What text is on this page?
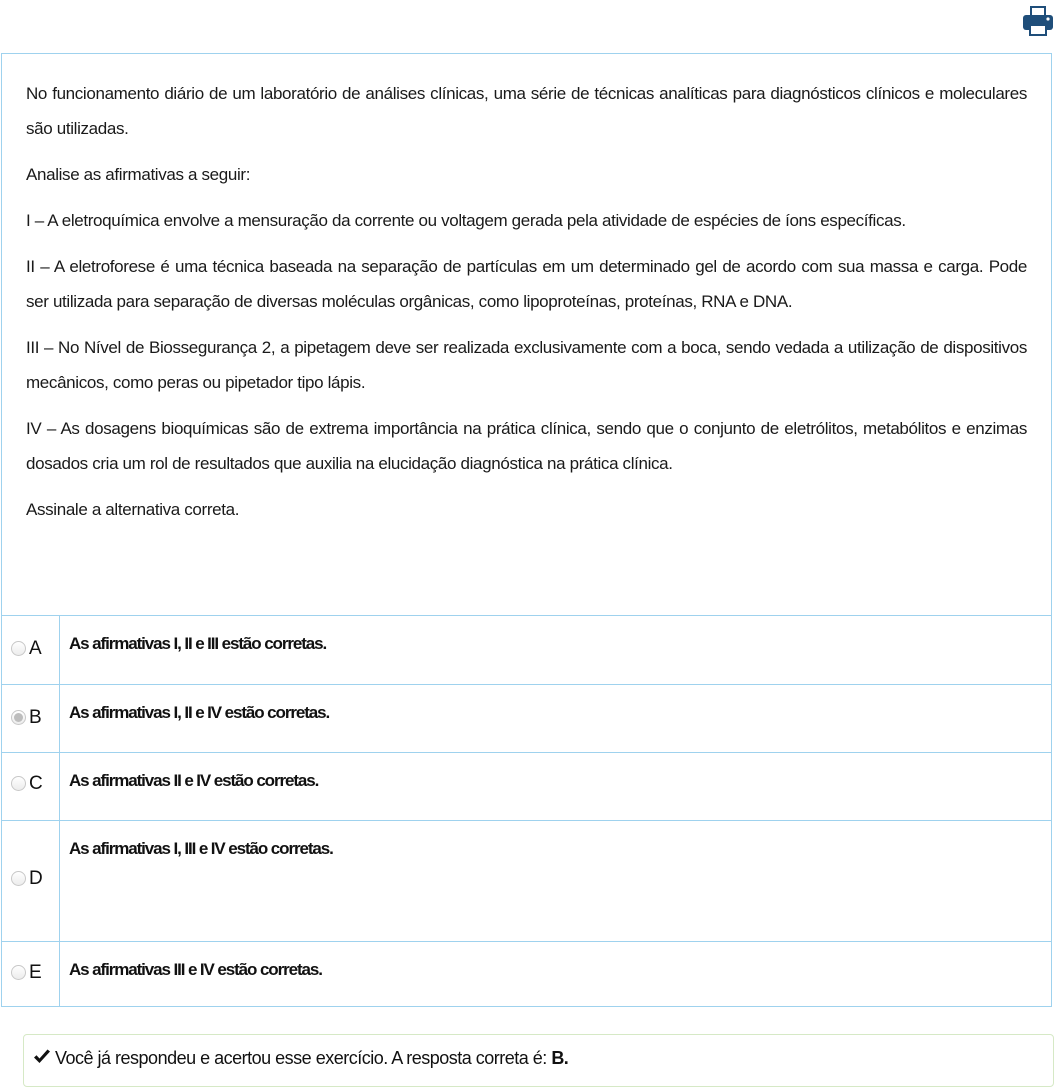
No funcionamento diário de um laboratório de análises clínicas, uma série de técnicas analíticas para diagnósticos clínicos e moleculares são utilizadas.

Analise as afirmativas a seguir:

I – A eletroquímica envolve a mensuração da corrente ou voltagem gerada pela atividade de espécies de íons específicas.

II – A eletroforese é uma técnica baseada na separação de partículas em um determinado gel de acordo com sua massa e carga. Pode ser utilizada para separação de diversas moléculas orgânicas, como lipoproteínas, proteínas, RNA e DNA.

III – No Nível de Biossegurança 2, a pipetagem deve ser realizada exclusivamente com a boca, sendo vedada a utilização de dispositivos mecânicos, como peras ou pipetador tipo lápis.

IV – As dosagens bioquímicas são de extrema importância na prática clínica, sendo que o conjunto de eletrólitos, metabólitos e enzimas dosados cria um rol de resultados que auxilia na elucidação diagnóstica na prática clínica.

Assinale a alternativa correta.

A As afirmativas I, II e III estão corretas.
B As afirmativas I, II e IV estão corretas.
C As afirmativas II e IV estão corretas.
D
As afirmativas I, III e IV estão corretas.
E As afirmativas III e IV estão corretas.
Você já respondeu e acertou esse exercício. A resposta correta é: B.
